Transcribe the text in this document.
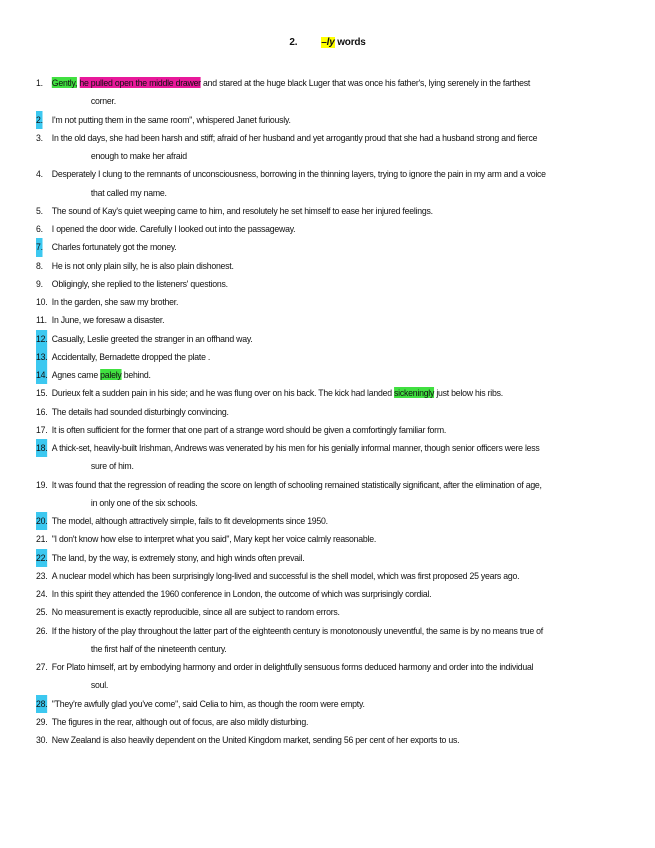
2. –ly words
1. Gently, he pulled open the middle drawer and stared at the huge black Luger that was once his father's, lying serenely in the farthest
corner.
2. I'm not putting them in the same room", whispered Janet furiously.
3. In the old days, she had been harsh and stiff; afraid of her husband and yet arrogantly proud that she had a husband strong and fierce
enough to make her afraid
4. Desperately I clung to the remnants of unconsciousness, borrowing in the thinning layers, trying to ignore the pain in my arm and a voice
that called my name.
5. The sound of Kay's quiet weeping came to him, and resolutely he set himself to ease her injured feelings.
6. I opened the door wide. Carefully I looked out into the passageway.
7. Charles fortunately got the money.
8. He is not only plain silly, he is also plain dishonest.
9. Obligingly, she replied to the listeners' questions.
10. In the garden, she saw my brother.
11. In June, we foresaw a disaster.
12. Casually, Leslie greeted the stranger in an offhand way.
13. Accidentally, Bernadette dropped the plate .
14. Agnes came palely behind.
15. Durieux felt a sudden pain in his side; and he was flung over on his back. The kick had landed sickeningly just below his ribs.
16. The details had sounded disturbingly convincing.
17. It is often sufficient for the former that one part of a strange word should be given a comfortingly familiar form.
18. A thick-set, heavily-built Irishman, Andrews was venerated by his men for his genially informal manner, though senior officers were less
sure of him.
19. It was found that the regression of reading the score on length of schooling remained statistically significant, after the elimination of age,
in only one of the six schools.
20. The model, although attractively simple, fails to fit developments since 1950.
21. "I don't know how else to interpret what you said", Mary kept her voice calmly reasonable.
22. The land, by the way, is extremely stony, and high winds often prevail.
23. A nuclear model which has been surprisingly long-lived and successful is the shell model, which was first proposed 25 years ago.
24. In this spirit they attended the 1960 conference in London, the outcome of which was surprisingly cordial.
25. No measurement is exactly reproducible, since all are subject to random errors.
26. If the history of the play throughout the latter part of the eighteenth century is monotonously uneventful, the same is by no means true of
the first half of the nineteenth century.
27. For Plato himself, art by embodying harmony and order in delightfully sensuous forms deduced harmony and order into the individual
soul.
28. "They're awfully glad you've come", said Celia to him, as though the room were empty.
29. The figures in the rear, although out of focus, are also mildly disturbing.
30. New Zealand is also heavily dependent on the United Kingdom market, sending 56 per cent of her exports to us.
